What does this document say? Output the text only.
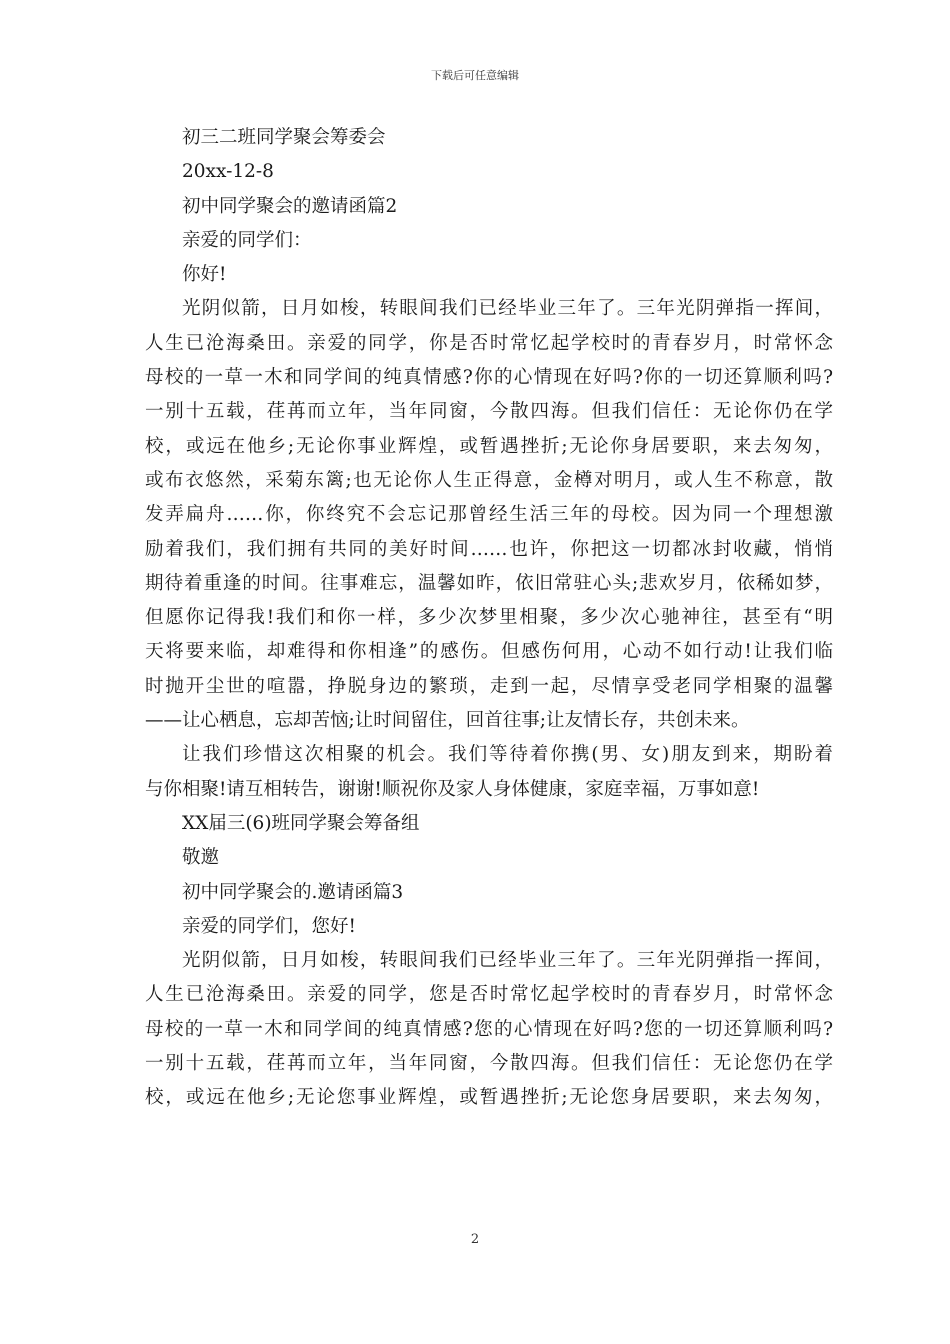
下载后可任意编辑

初三二班同学聚会筹委会

20xx-12-8

初中同学聚会的邀请函篇2

亲爱的同学们：

你好!

光阴似箭，日月如梭，转眼间我们已经毕业三年了。三年光阴弹指一挥间，

人生已沧海桑田。亲爱的同学，你是否时常忆起学校时的青春岁月，时常怀念

母校的一草一木和同学间的纯真情感?你的心情现在好吗?你的一切还算顺利吗?

一别十五载，荏苒而立年，当年同窗，今散四海。但我们信任：无论你仍在学

校，或远在他乡;无论你事业辉煌，或暂遇挫折;无论你身居要职，来去匆匆，

或布衣悠然，采菊东篱;也无论你人生正得意，金樽对明月，或人生不称意，散

发弄扁舟……你，你终究不会忘记那曾经生活三年的母校。因为同一个理想激

励着我们，我们拥有共同的美好时间……也许，你把这一切都冰封收藏，悄悄

期待着重逢的时间。往事难忘，温馨如昨，依旧常驻心头;悲欢岁月，依稀如梦，

但愿你记得我!我们和你一样，多少次梦里相聚，多少次心驰神往，甚至有“明

天将要来临，却难得和你相逢”的感伤。但感伤何用，心动不如行动!让我们临

时抛开尘世的喧嚣，挣脱身边的繁琐，走到一起，尽情享受老同学相聚的温馨

——让心栖息，忘却苦恼;让时间留住，回首往事;让友情长存，共创未来。

让我们珍惜这次相聚的机会。我们等待着你携(男、女)朋友到来，期盼着

与你相聚!请互相转告，谢谢!顺祝你及家人身体健康，家庭幸福，万事如意!

XX届三(6)班同学聚会筹备组

敬邀

初中同学聚会的.邀请函篇3

亲爱的同学们，您好!

光阴似箭，日月如梭，转眼间我们已经毕业三年了。三年光阴弹指一挥间，

人生已沧海桑田。亲爱的同学，您是否时常忆起学校时的青春岁月，时常怀念

母校的一草一木和同学间的纯真情感?您的心情现在好吗?您的一切还算顺利吗?

一别十五载，荏苒而立年，当年同窗，今散四海。但我们信任：无论您仍在学

校，或远在他乡;无论您事业辉煌，或暂遇挫折;无论您身居要职，来去匆匆，

2
